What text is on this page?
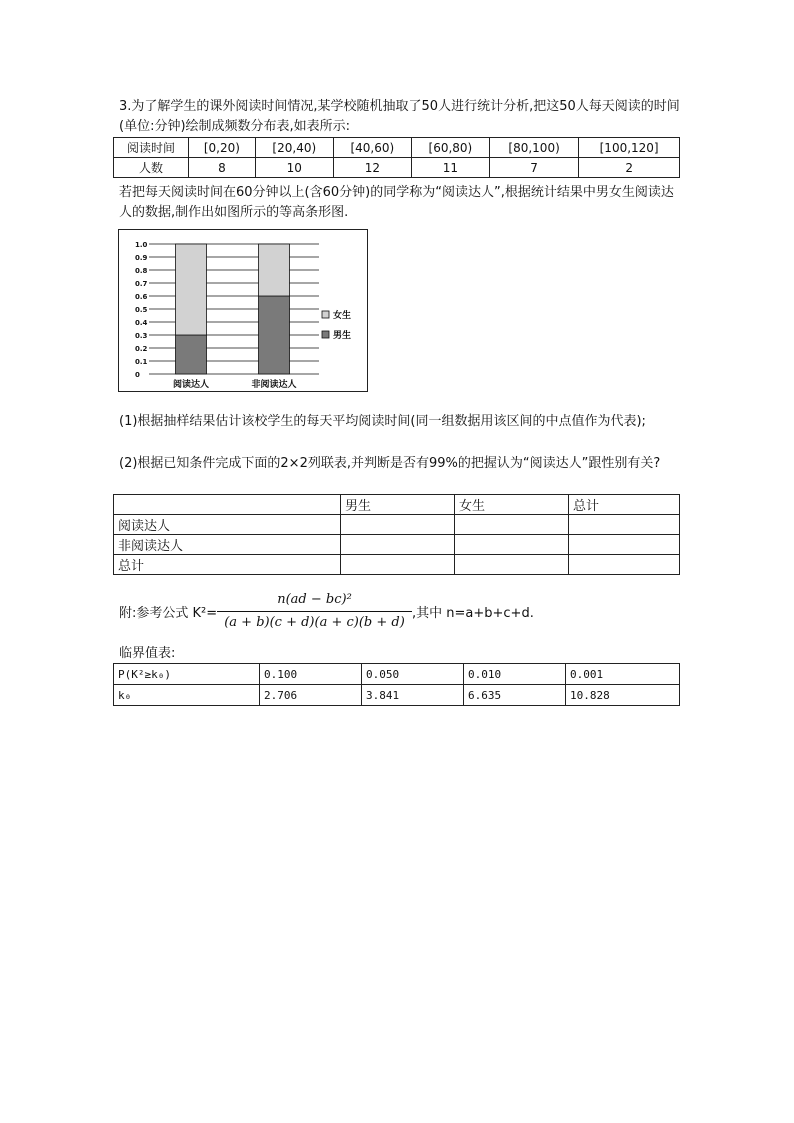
3.为了解学生的课外阅读时间情况,某学校随机抽取了50人进行统计分析,把这50人每天阅读的时间(单位:分钟)绘制成频数分布表,如表所示:
阅读时间	[0,20)	[20,40)	[40,60)	[60,80)	[80,100)	[100,120]
人数	8	10	12	11	7	2
若把每天阅读时间在60分钟以上(含60分钟)的同学称为“阅读达人”,根据统计结果中男女生阅读达人的数据,制作出如图所示的等高条形图.
0
0.1
0.2
0.3
0.4
0.5
0.6
0.7
0.8
0.9
1.0
阅读达人	非阅读达人
女生
男生
(1)根据抽样结果估计该校学生的每天平均阅读时间(同一组数据用该区间的中点值作为代表);
(2)根据已知条件完成下面的2×2列联表,并判断是否有99%的把握认为“阅读达人”跟性别有关?
	男生	女生	总计
阅读达人			
非阅读达人			
总计			
附:参考公式 K²=
n(ad − bc)²
(a + b)(c + d)(a + c)(b + d)
,其中 n=a+b+c+d.
临界值表:
P(K²≥k₀)	0.100	0.050	0.010	0.001
k₀	2.706	3.841	6.635	10.828
